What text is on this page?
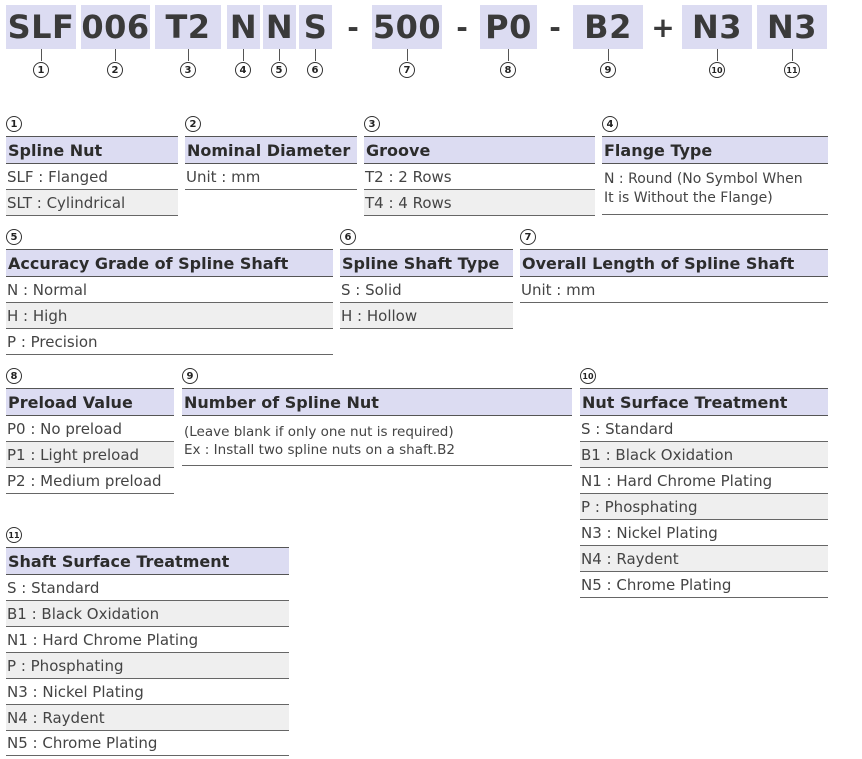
SLF 006 T2 N N S - 500 - P0 - B2 + N3 N3
1	2	3	4	5	6	7	8	9	10	11
1
Spline Nut
SLF : Flanged
SLT : Cylindrical
2
Nominal Diameter
Unit : mm
3
Groove
T2 : 2 Rows
T4 : 4 Rows
4
Flange Type
N : Round (No Symbol When
It is Without the Flange)
5
Accuracy Grade of Spline Shaft
N : Normal
H : High
P : Precision
6
Spline Shaft Type
S : Solid
H : Hollow
7
Overall Length of Spline Shaft
Unit : mm
8
Preload Value
P0 : No preload
P1 : Light preload
P2 : Medium preload
9
Number of Spline Nut
(Leave blank if only one nut is required)
Ex : Install two spline nuts on a shaft.B2
10
Nut Surface Treatment
S : Standard
B1 : Black Oxidation
N1 : Hard Chrome Plating
P : Phosphating
N3 : Nickel Plating
N4 : Raydent
N5 : Chrome Plating
11
Shaft Surface Treatment
S : Standard
B1 : Black Oxidation
N1 : Hard Chrome Plating
P : Phosphating
N3 : Nickel Plating
N4 : Raydent
N5 : Chrome Plating
